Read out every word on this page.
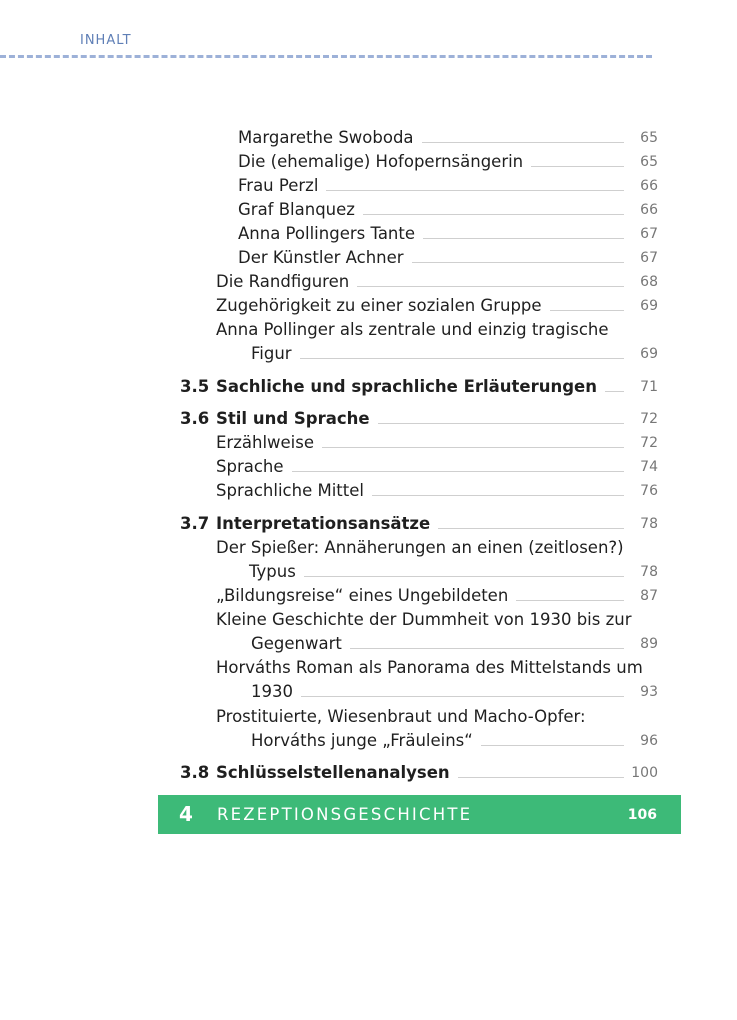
INHALT
Margarethe Swoboda	65
Die (ehemalige) Hofopernsängerin	65
Frau Perzl	66
Graf Blanquez	66
Anna Pollingers Tante	67
Der Künstler Achner	67
Die Randfiguren	68
Zugehörigkeit zu einer sozialen Gruppe	69
Anna Pollinger als zentrale und einzig tragische
Figur	69
3.5 Sachliche und sprachliche Erläuterungen	71
3.6 Stil und Sprache	72
Erzählweise	72
Sprache	74
Sprachliche Mittel	76
3.7 Interpretationsansätze	78
Der Spießer: Annäherungen an einen (zeitlosen?)
Typus	78
„Bildungsreise“ eines Ungebildeten	87
Kleine Geschichte der Dummheit von 1930 bis zur
Gegenwart	89
Horváths Roman als Panorama des Mittelstands um
1930	93
Prostituierte, Wiesenbraut und Macho-Opfer:
Horváths junge „Fräuleins“	96
3.8 Schlüsselstellenanalysen	100
4 REZEPTIONSGESCHICHTE	106
